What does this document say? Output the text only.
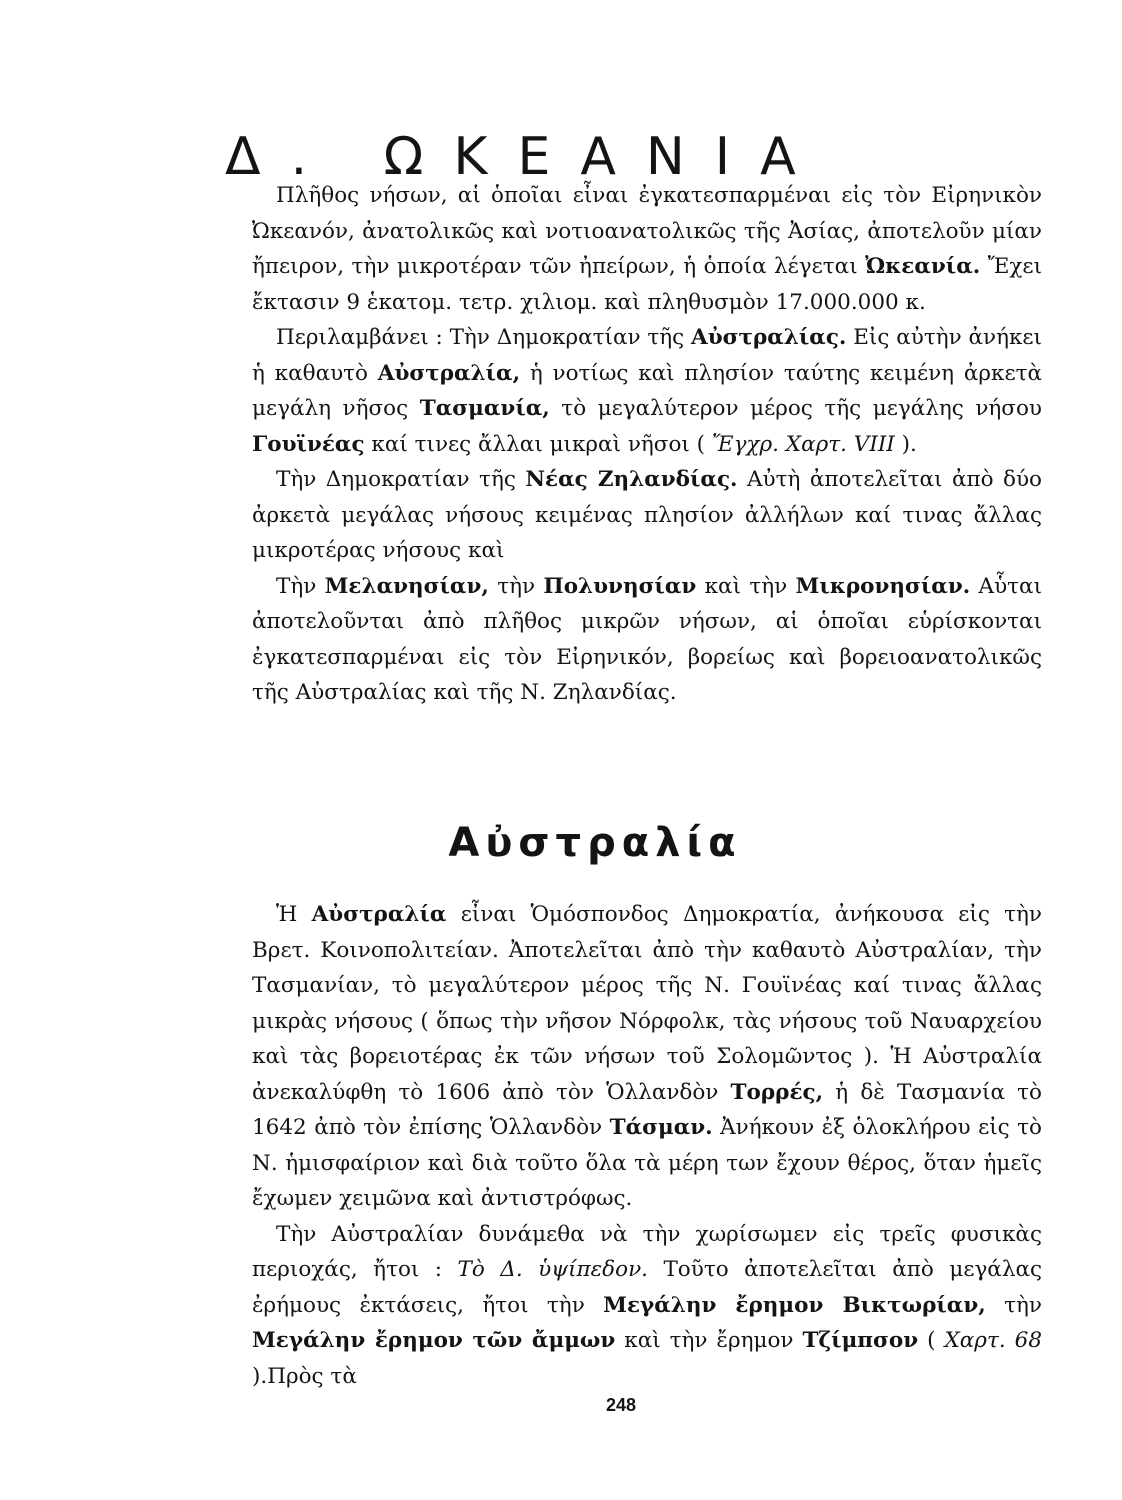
Δ. ΩΚΕΑΝΙΑ

Πλῆθος νήσων, αἱ ὁποῖαι εἶναι ἐγκατεσπαρμέναι εἰς τὸν Εἰρηνικὸν Ὠκεανόν, ἀνατολικῶς καὶ νοτιοανατολικῶς τῆς Ἀσίας, ἀποτελοῦν μίαν ἤπειρον, τὴν μικροτέραν τῶν ἠπείρων, ἡ ὁποία λέγεται Ὠκεανία. Ἔχει ἔκτασιν 9 ἑκατομ. τετρ. χιλιομ. καὶ πληθυσμὸν 17.000.000 κ.

Περιλαμβάνει : Τὴν Δημοκρατίαν τῆς Αὐστραλίας. Εἰς αὐτὴν ἀνήκει ἡ καθαυτὸ Αὐστραλία, ἡ νοτίως καὶ πλησίον ταύτης κειμένη ἀρκετὰ μεγάλη νῆσος Τασμανία, τὸ μεγαλύτερον μέρος τῆς μεγάλης νήσου Γουϊνέας καί τινες ἄλλαι μικραὶ νῆσοι ( Ἔγχρ. Χαρτ. VIII ).

Τὴν Δημοκρατίαν τῆς Νέας Ζηλανδίας. Αὐτὴ ἀποτελεῖται ἀπὸ δύο ἀρκετὰ μεγάλας νήσους κειμένας πλησίον ἀλλήλων καί τινας ἄλλας μικροτέρας νήσους καὶ

Τὴν Μελανησίαν, τὴν Πολυνησίαν καὶ τὴν Μικρονησίαν. Αὗται ἀποτελοῦνται ἀπὸ πλῆθος μικρῶν νήσων, αἱ ὁποῖαι εὑρίσκονται ἐγκατεσπαρμέναι εἰς τὸν Εἰρηνικόν, βορείως καὶ βορειοανατολικῶς τῆς Αὐστραλίας καὶ τῆς Ν. Ζηλανδίας.

Αὐστραλία

Ἡ Αὐστραλία εἶναι Ὁμόσπονδος Δημοκρατία, ἀνήκουσα εἰς τὴν Βρετ. Κοινοπολιτείαν. Ἀποτελεῖται ἀπὸ τὴν καθαυτὸ Αὐστραλίαν, τὴν Τασμανίαν, τὸ μεγαλύτερον μέρος τῆς Ν. Γουϊνέας καί τινας ἄλλας μικρὰς νήσους ( ὅπως τὴν νῆσον Νόρφολκ, τὰς νήσους τοῦ Ναυαρχείου καὶ τὰς βορειοτέρας ἐκ τῶν νήσων τοῦ Σολομῶντος ). Ἡ Αὐστραλία ἀνεκαλύφθη τὸ 1606 ἀπὸ τὸν Ὁλλανδὸν Τορρές, ἡ δὲ Τασμανία τὸ 1642 ἀπὸ τὸν ἐπίσης Ὁλλανδὸν Τάσμαν. Ἀνήκουν ἐξ ὁλοκλήρου εἰς τὸ Ν. ἡμισφαίριον καὶ διὰ τοῦτο ὅλα τὰ μέρη των ἔχουν θέρος, ὅταν ἡμεῖς ἔχωμεν χειμῶνα καὶ ἀντιστρόφως.

Τὴν Αὐστραλίαν δυνάμεθα νὰ τὴν χωρίσωμεν εἰς τρεῖς φυσικὰς περιοχάς, ἤτοι : Τὸ Δ. ὑψίπεδον. Τοῦτο ἀποτελεῖται ἀπὸ μεγάλας ἐρήμους ἐκτάσεις, ἤτοι τὴν Μεγάλην ἔρημον Βικτωρίαν, τὴν Μεγάλην ἔρημον τῶν ἄμμων καὶ τὴν ἔρημον Τζίμπσον ( Χαρτ. 68 ).Πρὸς τὰ

248
